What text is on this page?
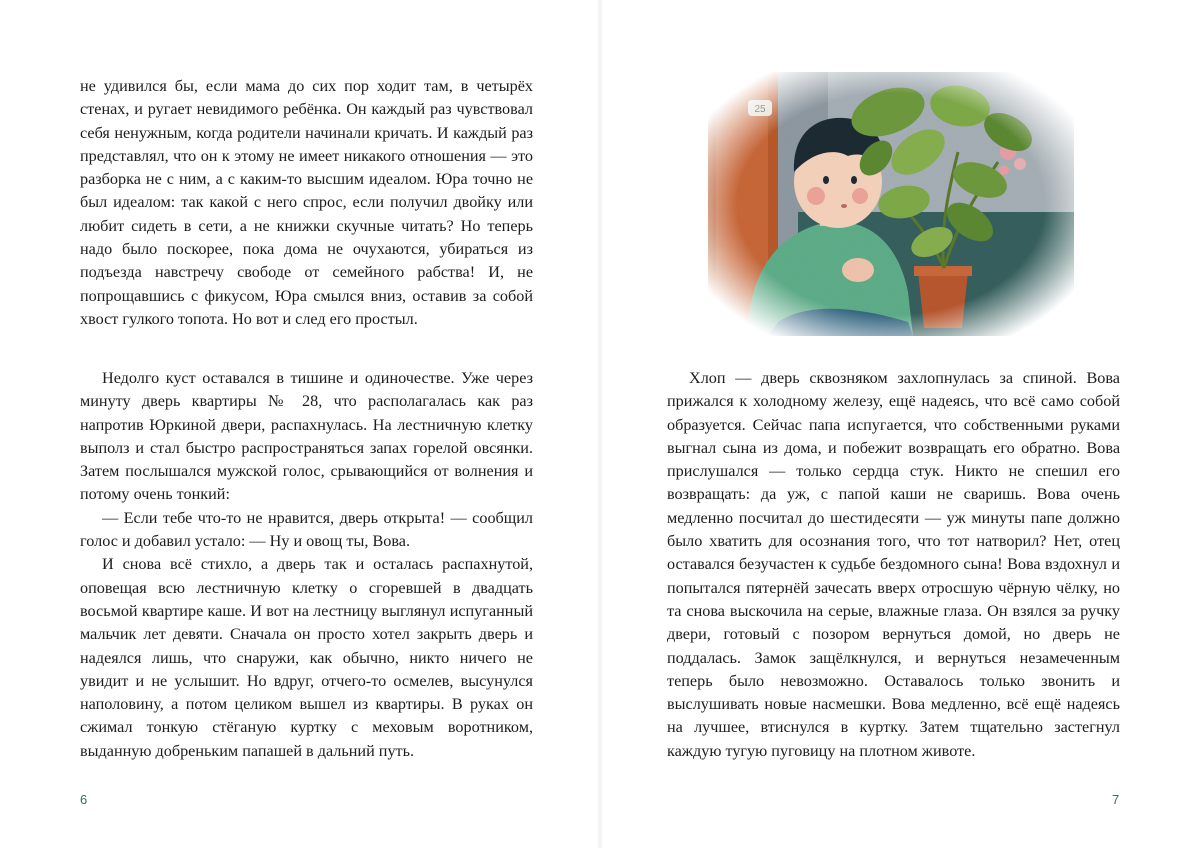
не удивился бы, если мама до сих пор ходит там, в четырёх стенах, и ругает невидимого ребёнка. Он каждый раз чувствовал себя ненужным, когда родители начинали кричать. И каждый раз представлял, что он к этому не имеет никакого отношения — это разборка не с ним, а с каким-то высшим идеалом. Юра точно не был идеалом: так какой с него спрос, если получил двойку или любит сидеть в сети, а не книжки скучные читать? Но теперь надо было поскорее, пока дома не очухаются, убираться из подъезда навстречу свободе от семейного рабства! И, не попрощавшись с фикусом, Юра смылся вниз, оставив за собой хвост гулкого топота. Но вот и след его простыл.

Недолго куст оставался в тишине и одиночестве. Уже через минуту дверь квартиры № 28, что располагалась как раз напротив Юркиной двери, распахнулась. На лестничную клетку выполз и стал быстро распространяться запах горелой овсянки. Затем послышался мужской голос, срывающийся от волнения и потому очень тонкий:

— Если тебе что-то не нравится, дверь открыта! — сообщил голос и добавил устало: — Ну и овощ ты, Вова.

И снова всё стихло, а дверь так и осталась распахнутой, оповещая всю лестничную клетку о сгоревшей в двадцать восьмой квартире каше. И вот на лестницу выглянул испуганный мальчик лет девяти. Сначала он просто хотел закрыть дверь и надеялся лишь, что снаружи, как обычно, никто ничего не увидит и не услышит. Но вдруг, отчего-то осмелев, высунулся наполовину, а потом целиком вышел из квартиры. В руках он сжимал тонкую стёганую куртку с меховым воротником, выданную добреньким папашей в дальний путь.

6

Хлоп — дверь сквозняком захлопнулась за спиной. Вова прижался к холодному железу, ещё надеясь, что всё само собой образуется. Сейчас папа испугается, что собственными руками выгнал сына из дома, и побежит возвращать его обратно. Вова прислушался — только сердца стук. Никто не спешил его возвращать: да уж, с папой каши не сваришь. Вова очень медленно посчитал до шестидесяти — уж минуты папе должно было хватить для осознания того, что тот натворил? Нет, отец оставался безучастен к судьбе бездомного сына! Вова вздохнул и попытался пятернёй зачесать вверх отросшую чёрную чёлку, но та снова выскочила на серые, влажные глаза. Он взялся за ручку двери, готовый с позором вернуться домой, но дверь не поддалась. Замок защёлкнулся, и вернуться незамеченным теперь было невозможно. Оставалось только звонить и выслушивать новые насмешки. Вова медленно, всё ещё надеясь на лучшее, втиснулся в куртку. Затем тщательно застегнул каждую тугую пуговицу на плотном животе.

7
